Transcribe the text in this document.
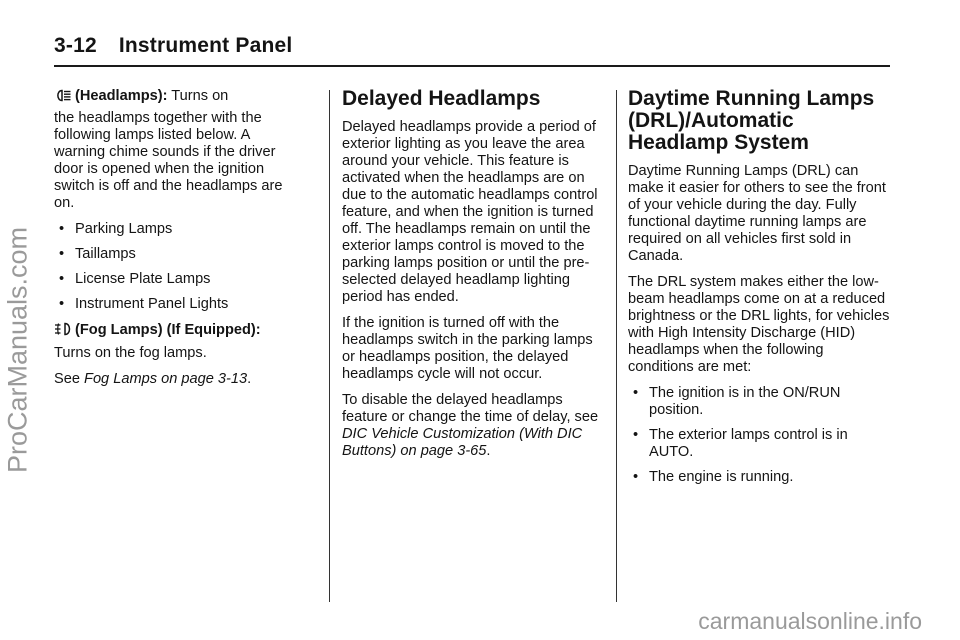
3-12 Instrument Panel

(Headlamps): Turns on

the headlamps together with the following lamps listed below. A warning chime sounds if the driver door is opened when the ignition switch is off and the headlamps are on.

• Parking Lamps
• Taillamps
• License Plate Lamps
• Instrument Panel Lights

(Fog Lamps) (If Equipped):

Turns on the fog lamps.

See Fog Lamps on page 3-13.

Delayed Headlamps

Delayed headlamps provide a period of exterior lighting as you leave the area around your vehicle. This feature is activated when the headlamps are on due to the automatic headlamps control feature, and when the ignition is turned off. The headlamps remain on until the exterior lamps control is moved to the parking lamps position or until the pre-selected delayed headlamp lighting period has ended.

If the ignition is turned off with the headlamps switch in the parking lamps or headlamps position, the delayed headlamps cycle will not occur.

To disable the delayed headlamps feature or change the time of delay, see DIC Vehicle Customization (With DIC Buttons) on page 3-65.

Daytime Running Lamps (DRL)/Automatic Headlamp System

Daytime Running Lamps (DRL) can make it easier for others to see the front of your vehicle during the day. Fully functional daytime running lamps are required on all vehicles first sold in Canada.

The DRL system makes either the low-beam headlamps come on at a reduced brightness or the DRL lights, for vehicles with High Intensity Discharge (HID) headlamps when the following conditions are met:

• The ignition is in the ON/RUN position.
• The exterior lamps control is in AUTO.
• The engine is running.
ProCarManuals.com
carmanualsonline.info
